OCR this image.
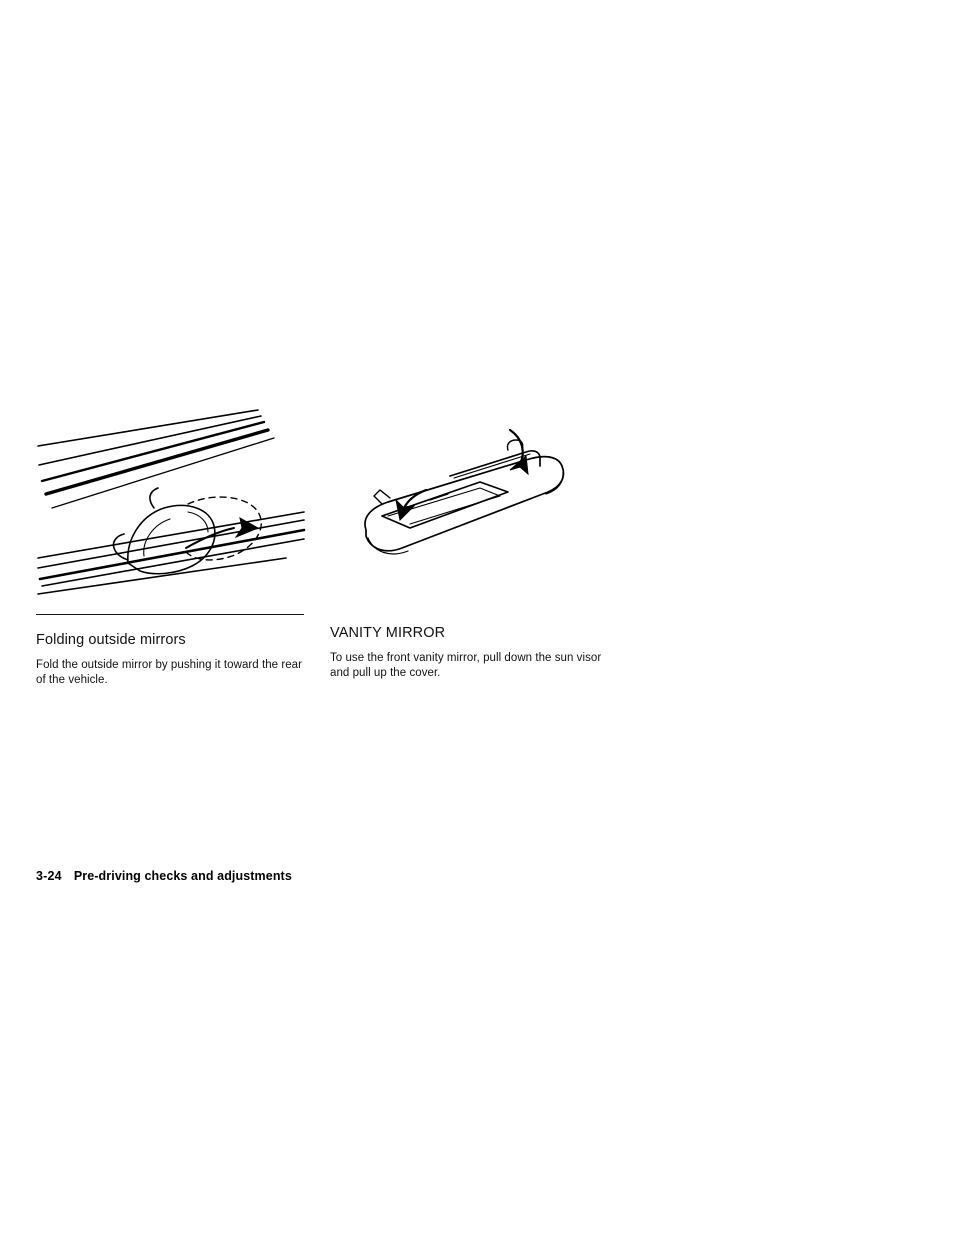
Folding outside mirrors
Fold the outside mirror by pushing it toward the rear of the vehicle.
VANITY MIRROR
To use the front vanity mirror, pull down the sun visor and pull up the cover.
3-24 Pre-driving checks and adjustments
